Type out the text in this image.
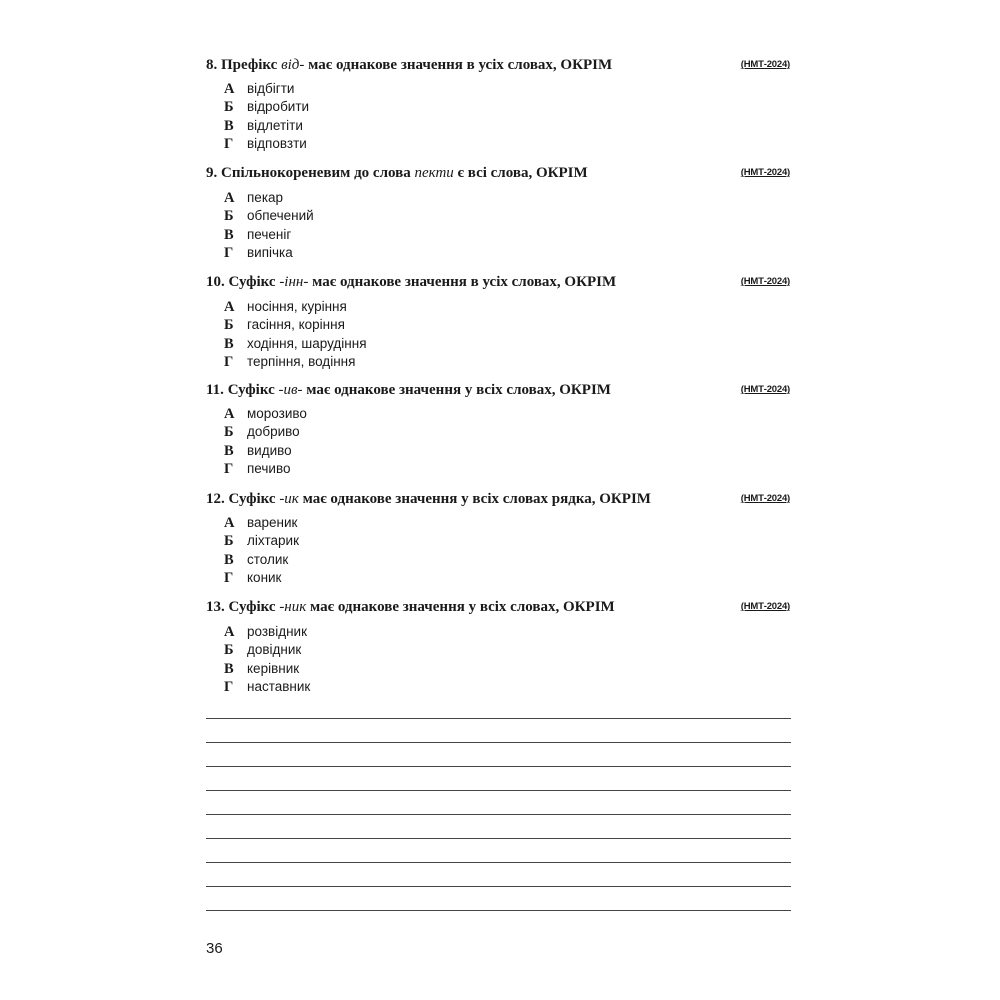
8. Префікс від- має однакове значення в усіх словах, ОКРІМ	(НМТ-2024)
А відбігти
Б відробити
В відлетіти
Г відповзти
9. Спільнокореневим до слова пекти є всі слова, ОКРІМ	(НМТ-2024)
А пекар
Б обпечений
В печеніг
Г випічка
10. Суфікс -інн- має однакове значення в усіх словах, ОКРІМ	(НМТ-2024)
А носіння, куріння
Б гасіння, коріння
В ходіння, шарудіння
Г терпіння, водіння
11. Суфікс -ив- має однакове значення у всіх словах, ОКРІМ	(НМТ-2024)
А морозиво
Б добриво
В видиво
Г печиво
12. Суфікс -ик має однакове значення у всіх словах рядка, ОКРІМ	(НМТ-2024)
А вареник
Б ліхтарик
В столик
Г коник
13. Суфікс -ник має однакове значення у всіх словах, ОКРІМ	(НМТ-2024)
А розвідник
Б довідник
В керівник
Г наставник
36
